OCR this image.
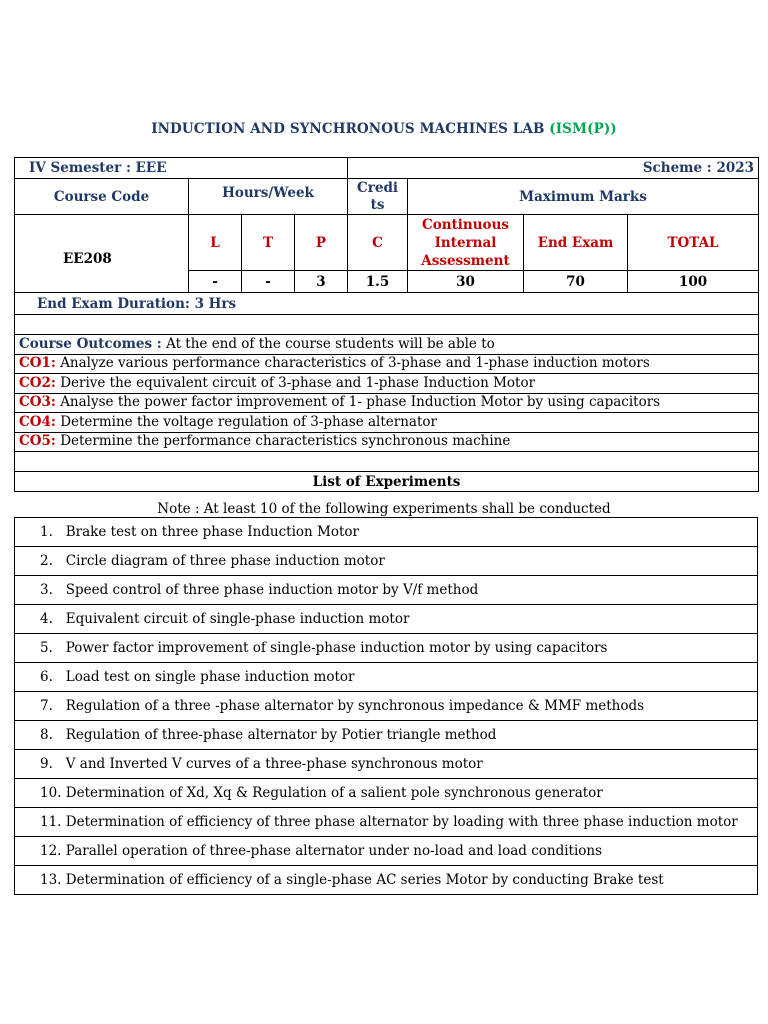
INDUCTION AND SYNCHRONOUS MACHINES LAB (ISM(P))
IV Semester : EEE				Scheme : 2023			
Course Code	Hours/Week			Credits	Maximum Marks		
EE208	L	T	P	C	Continuous Internal Assessment	End Exam	TOTAL
	-	-	3	1.5	30	70	100
End Exam Duration: 3 Hrs							

Course Outcomes : At the end of the course students will be able to							
CO1: Analyze various performance characteristics of 3-phase and 1-phase induction motors							
CO2: Derive the equivalent circuit of 3-phase and 1-phase Induction Motor							
CO3: Analyse the power factor improvement of 1- phase Induction Motor by using capacitors							
CO4: Determine the voltage regulation of 3-phase alternator							
CO5: Determine the performance characteristics synchronous machine							

List of Experiments							
Note : At least 10 of the following experiments shall be conducted
1.   Brake test on three phase Induction Motor
2.   Circle diagram of three phase induction motor
3.   Speed control of three phase induction motor by V/f method
4.   Equivalent circuit of single-phase induction motor
5.   Power factor improvement of single-phase induction motor by using capacitors
6.   Load test on single phase induction motor
7.   Regulation of a three -phase alternator by synchronous impedance & MMF methods
8.   Regulation of three-phase alternator by Potier triangle method
9.   V and Inverted V curves of a three-phase synchronous motor
10. Determination of Xd, Xq & Regulation of a salient pole synchronous generator
11. Determination of efficiency of three phase alternator by loading with three phase induction motor
12. Parallel operation of three-phase alternator under no-load and load conditions
13. Determination of efficiency of a single-phase AC series Motor by conducting Brake test
